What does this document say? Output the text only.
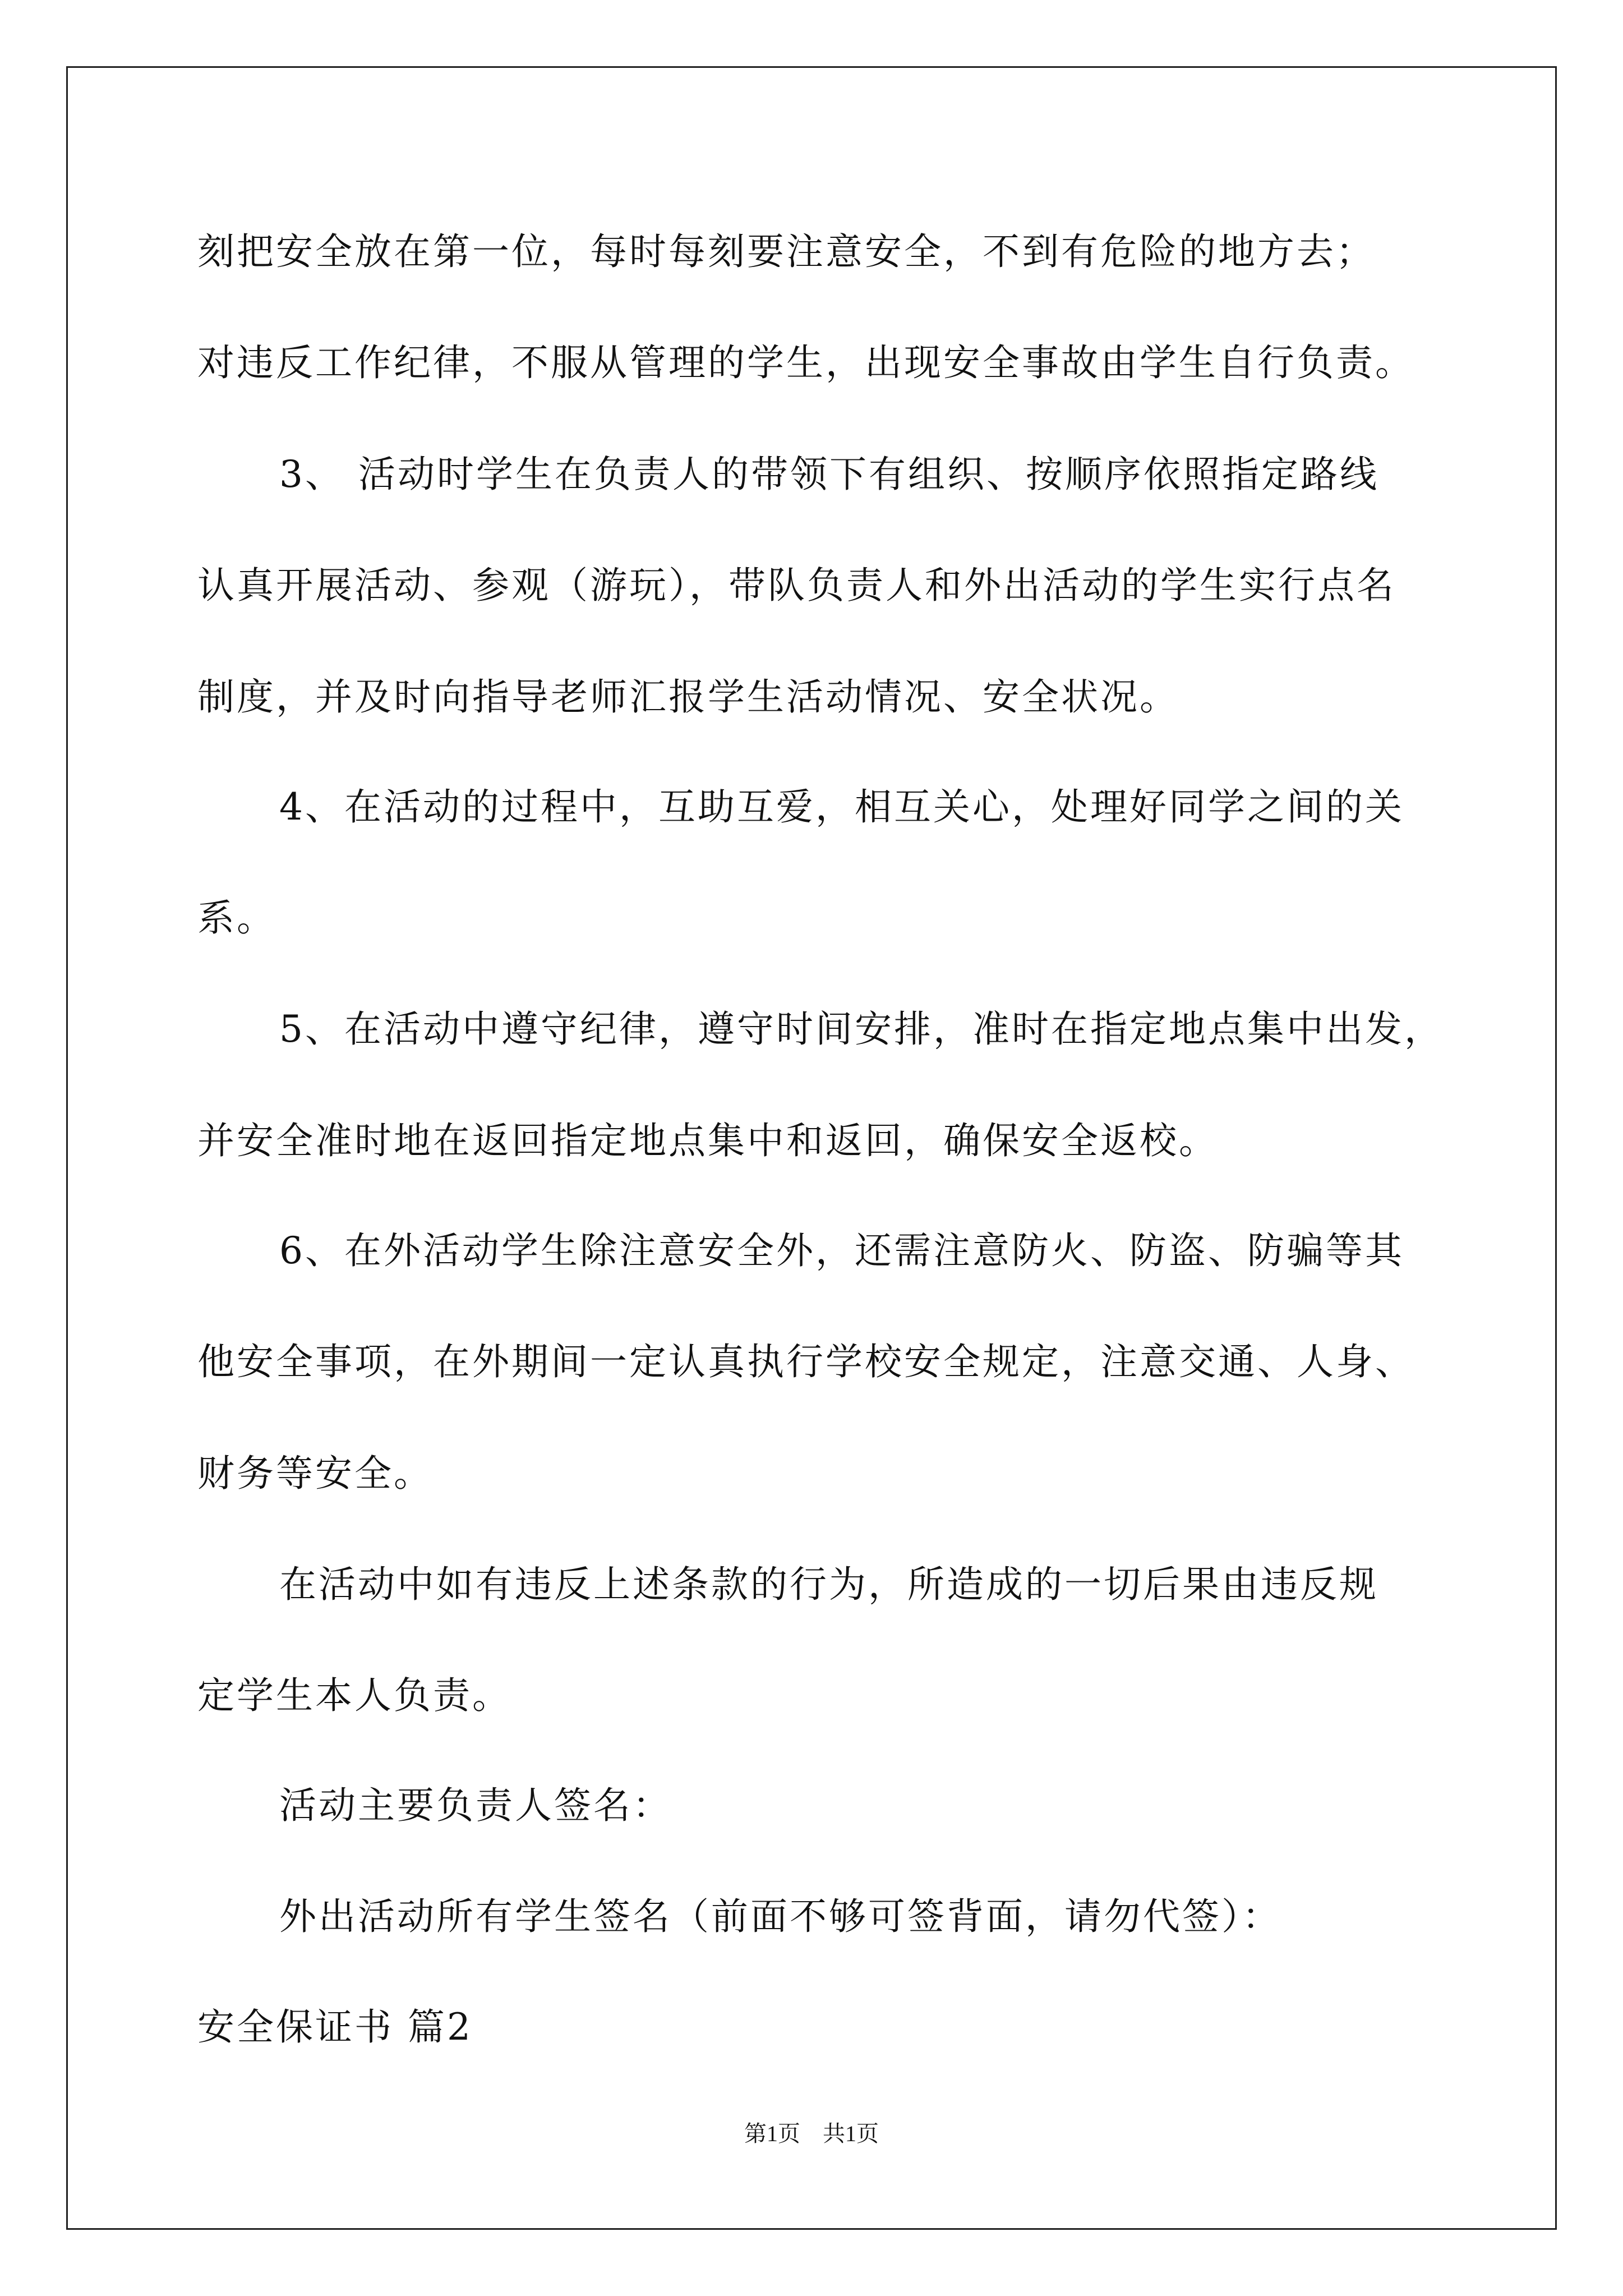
刻把安全放在第一位，每时每刻要注意安全，不到有危险的地方去；
对违反工作纪律，不服从管理的学生，出现安全事故由学生自行负责。
3、 活动时学生在负责人的带领下有组织、按顺序依照指定路线
认真开展活动、参观（游玩），带队负责人和外出活动的学生实行点名
制度，并及时向指导老师汇报学生活动情况、安全状况。
4、在活动的过程中，互助互爱，相互关心，处理好同学之间的关
系。
5、在活动中遵守纪律，遵守时间安排，准时在指定地点集中出发，
并安全准时地在返回指定地点集中和返回，确保安全返校。
6、在外活动学生除注意安全外，还需注意防火、防盗、防骗等其
他安全事项，在外期间一定认真执行学校安全规定，注意交通、人身、
财务等安全。
在活动中如有违反上述条款的行为，所造成的一切后果由违反规
定学生本人负责。
活动主要负责人签名：
外出活动所有学生签名（前面不够可签背面，请勿代签）：
安全保证书 篇2
第1页　共1页
